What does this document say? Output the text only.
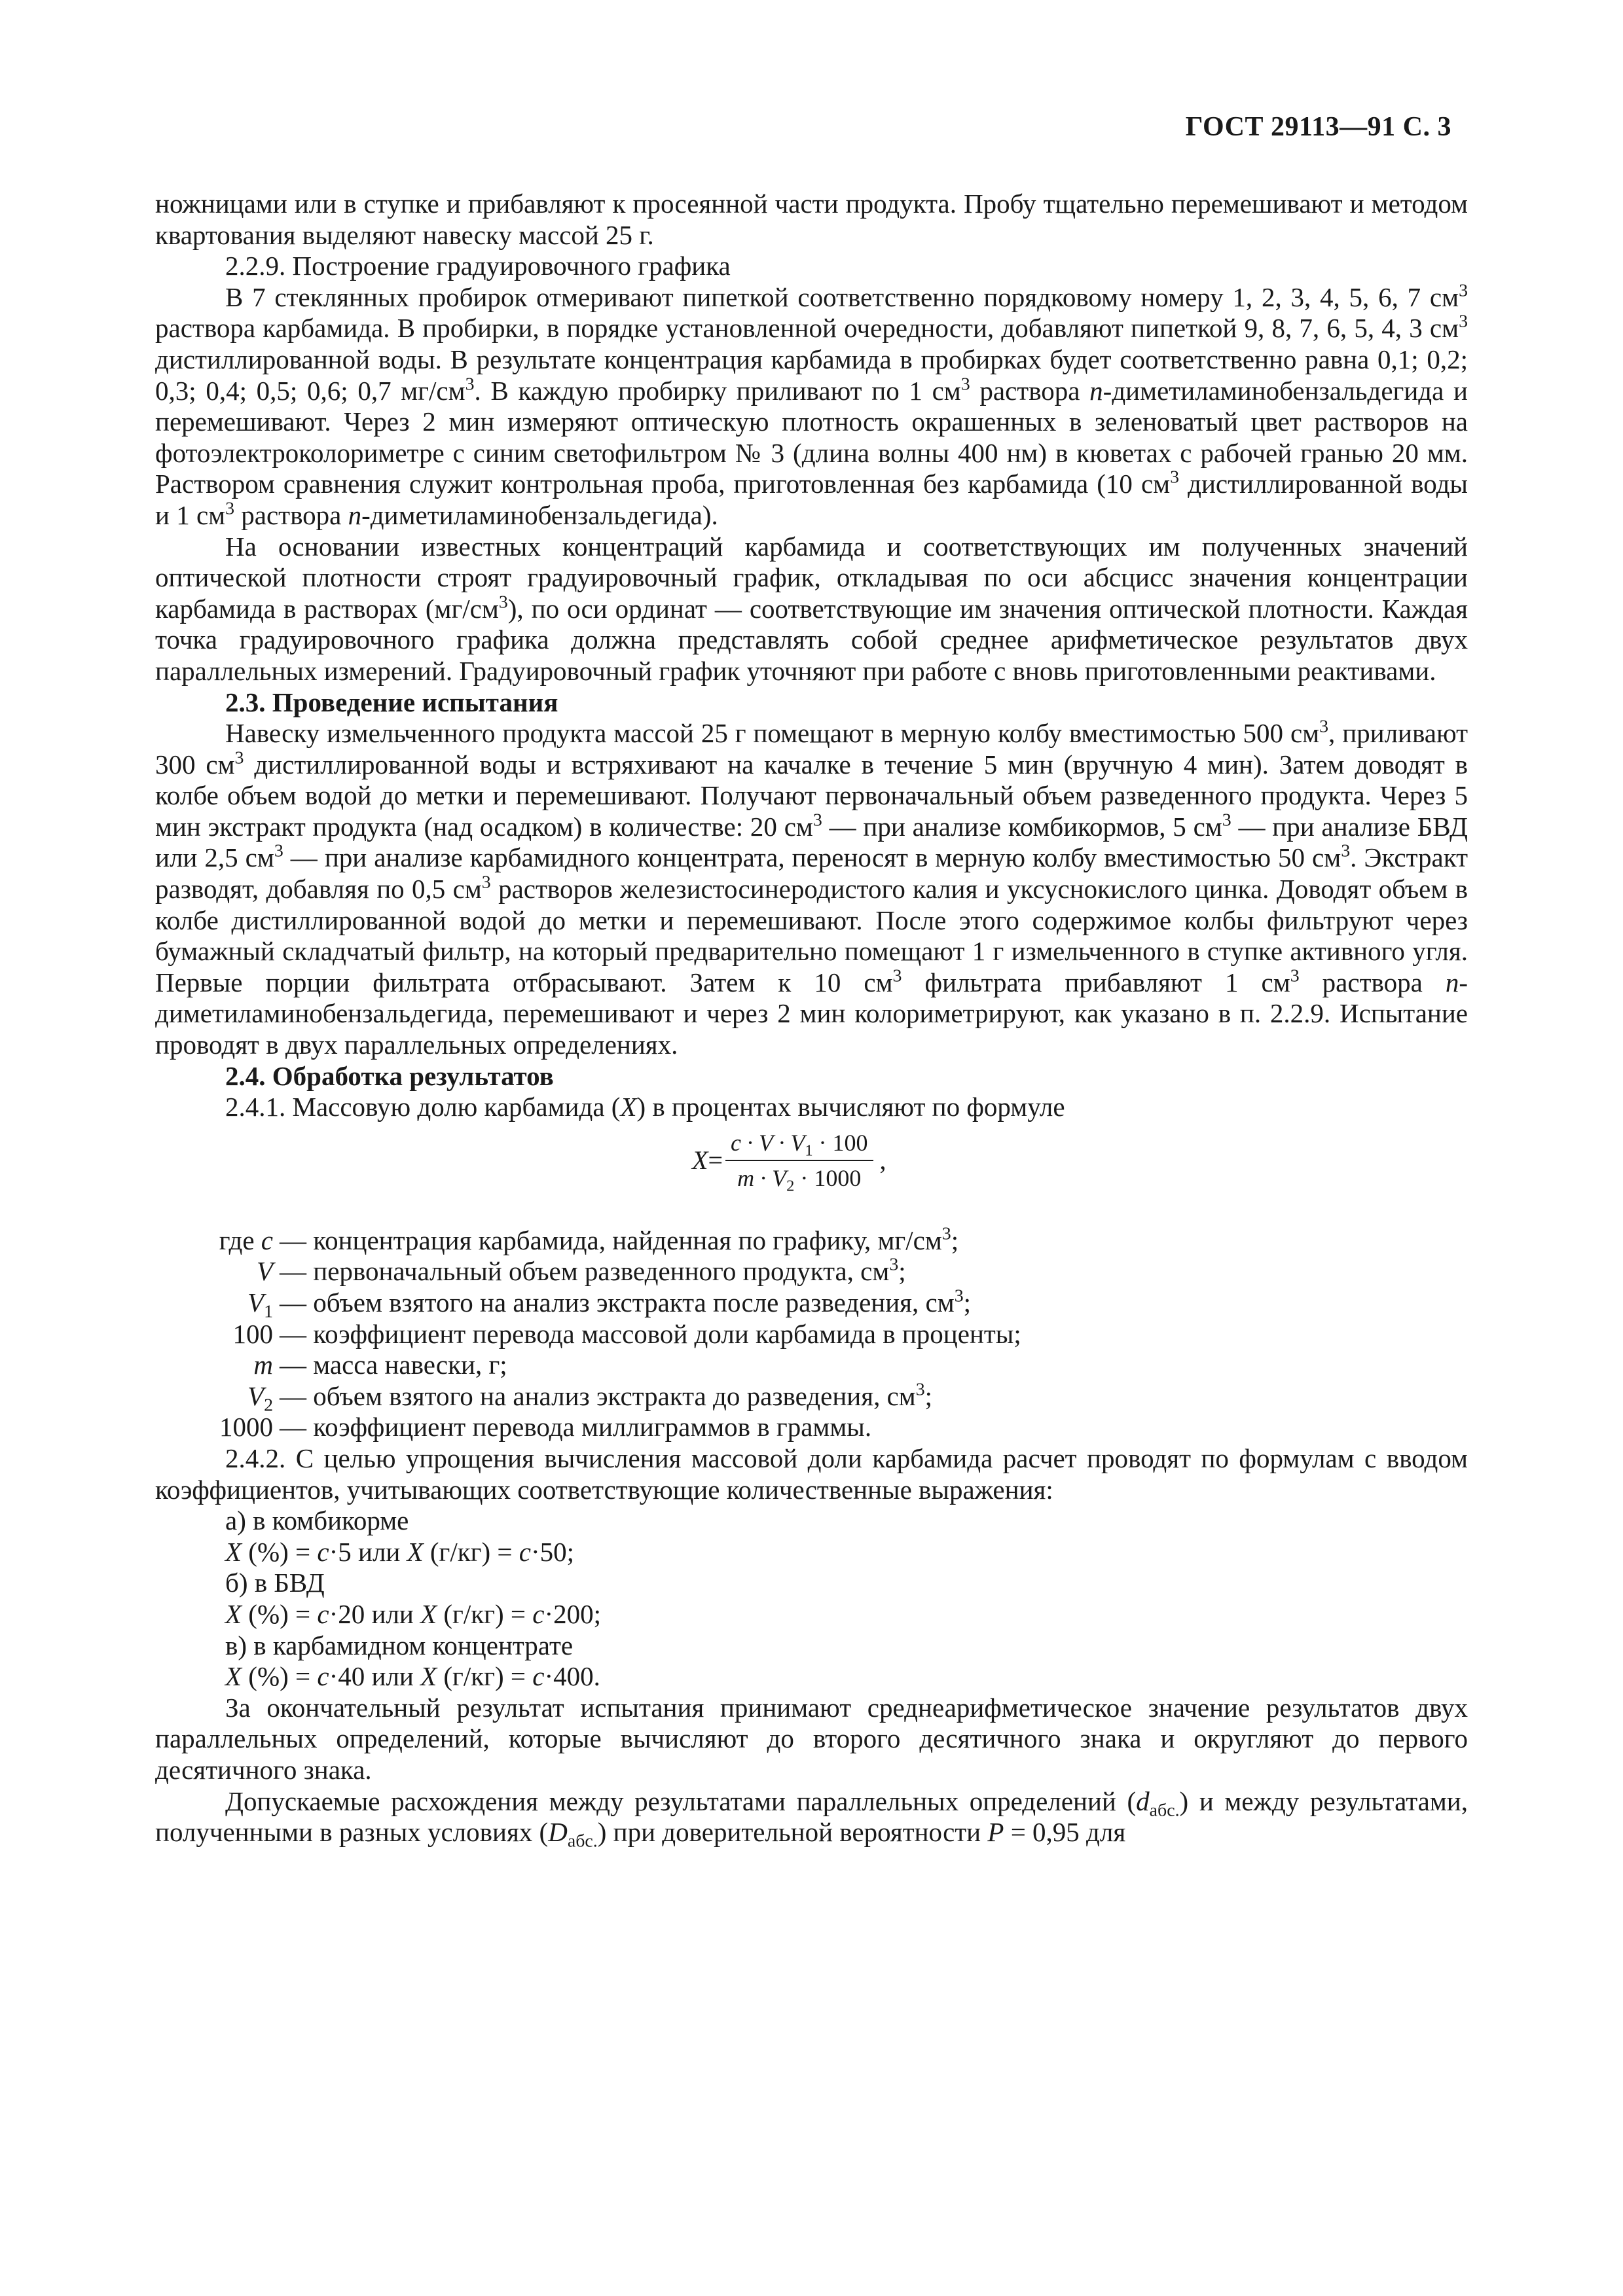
ГОСТ 29113—91 С. 3

ножницами или в ступке и прибавляют к просеянной части продукта. Пробу тщательно перемешивают и методом квартования выделяют навеску массой 25 г.

2.2.9. Построение градуировочного графика

В 7 стеклянных пробирок отмеривают пипеткой соответственно порядковому номеру 1, 2, 3, 4, 5, 6, 7 $см^3$ раствора карбамида. В пробирки, в порядке установленной очередности, добавляют пипеткой 9, 8, 7, 6, 5, 4, 3 $см^3$ дистиллированной воды. В результате концентрация карбамида в пробирках будет соответственно равна 0,1; 0,2; 0,3; 0,4; 0,5; 0,6; 0,7 $мг/см^3$. В каждую пробирку приливают по 1 $см^3$ раствора n-диметиламинобензальдегида и перемешивают. Через 2 мин измеряют оптическую плотность окрашенных в зеленоватый цвет растворов на фотоэлектроколориметре с синим светофильтром № 3 (длина волны 400 нм) в кюветах с рабочей гранью 20 мм. Раствором сравнения служит контрольная проба, приготовленная без карбамида (10 $см^3$ дистиллированной воды и 1 $см^3$ раствора n-диметиламинобензальдегида).

На основании известных концентраций карбамида и соответствующих им полученных значений оптической плотности строят градуировочный график, откладывая по оси абсцисс значения концентрации карбамида в растворах $(мг/см^3)$, по оси ординат — соответствующие им значения оптической плотности. Каждая точка градуировочного графика должна представлять собой среднее арифметическое результатов двух параллельных измерений. Градуировочный график уточняют при работе с вновь приготовленными реактивами.

2.3. Проведение испытания

Навеску измельченного продукта массой 25 г помещают в мерную колбу вместимостью 500 $см^3$, приливают 300 $см^3$ дистиллированной воды и встряхивают на качалке в течение 5 мин (вручную 4 мин). Затем доводят в колбе объем водой до метки и перемешивают. Получают первоначальный объем разведенного продукта. Через 5 мин экстракт продукта (над осадком) в количестве: 20 $см^3$ — при анализе комбикормов, 5 $см^3$ — при анализе БВД или 2,5 $см^3$ — при анализе карбамидного концентрата, переносят в мерную колбу вместимостью 50 $см^3$. Экстракт разводят, добавляя по 0,5 $см^3$ растворов железистосинеродистого калия и уксуснокислого цинка. Доводят объем в колбе дистиллированной водой до метки и перемешивают. После этого содержимое колбы фильтруют через бумажный складчатый фильтр, на который предварительно помещают 1 г измельченного в ступке активного угля. Первые порции фильтрата отбрасывают. Затем к 10 $см^3$ фильтрата прибавляют 1 $см^3$ раствора n-диметиламинобензальдегида, перемешивают и через 2 мин колориметрируют, как указано в п. 2.2.9. Испытание проводят в двух параллельных определениях.

2.4. Обработка результатов

2.4.1. Массовую долю карбамида (X) в процентах вычисляют по формуле

$X = \frac{c \cdot V \cdot V_1 \cdot 100}{m \cdot V_2 \cdot 1000}$ ,
где c — концентрация карбамида, найденная по графику, $мг/см^3$;
V — первоначальный объем разведенного продукта, $см^3$;
$V_1$ — объем взятого на анализ экстракта после разведения, $см^3$;
100 — коэффициент перевода массовой доли карбамида в проценты;
m — масса навески, г;
$V_2$ — объем взятого на анализ экстракта до разведения, $см^3$;
1000 — коэффициент перевода миллиграммов в граммы.

2.4.2. С целью упрощения вычисления массовой доли карбамида расчет проводят по формулам с вводом коэффициентов, учитывающих соответствующие количественные выражения:

а) в комбикорме

X (%) = c·5 или X (г/кг) = c·50;

б) в БВД

X (%) = c·20 или X (г/кг) = c·200;

в) в карбамидном концентрате

X (%) = c·40 или X (г/кг) = c·400.

За окончательный результат испытания принимают среднеарифметическое значение результатов двух параллельных определений, которые вычисляют до второго десятичного знака и округляют до первого десятичного знака.

Допускаемые расхождения между результатами параллельных определений $(d_{абс.})$ и между результатами, полученными в разных условиях $(D_{абс.})$ при доверительной вероятности P = 0,95 для
